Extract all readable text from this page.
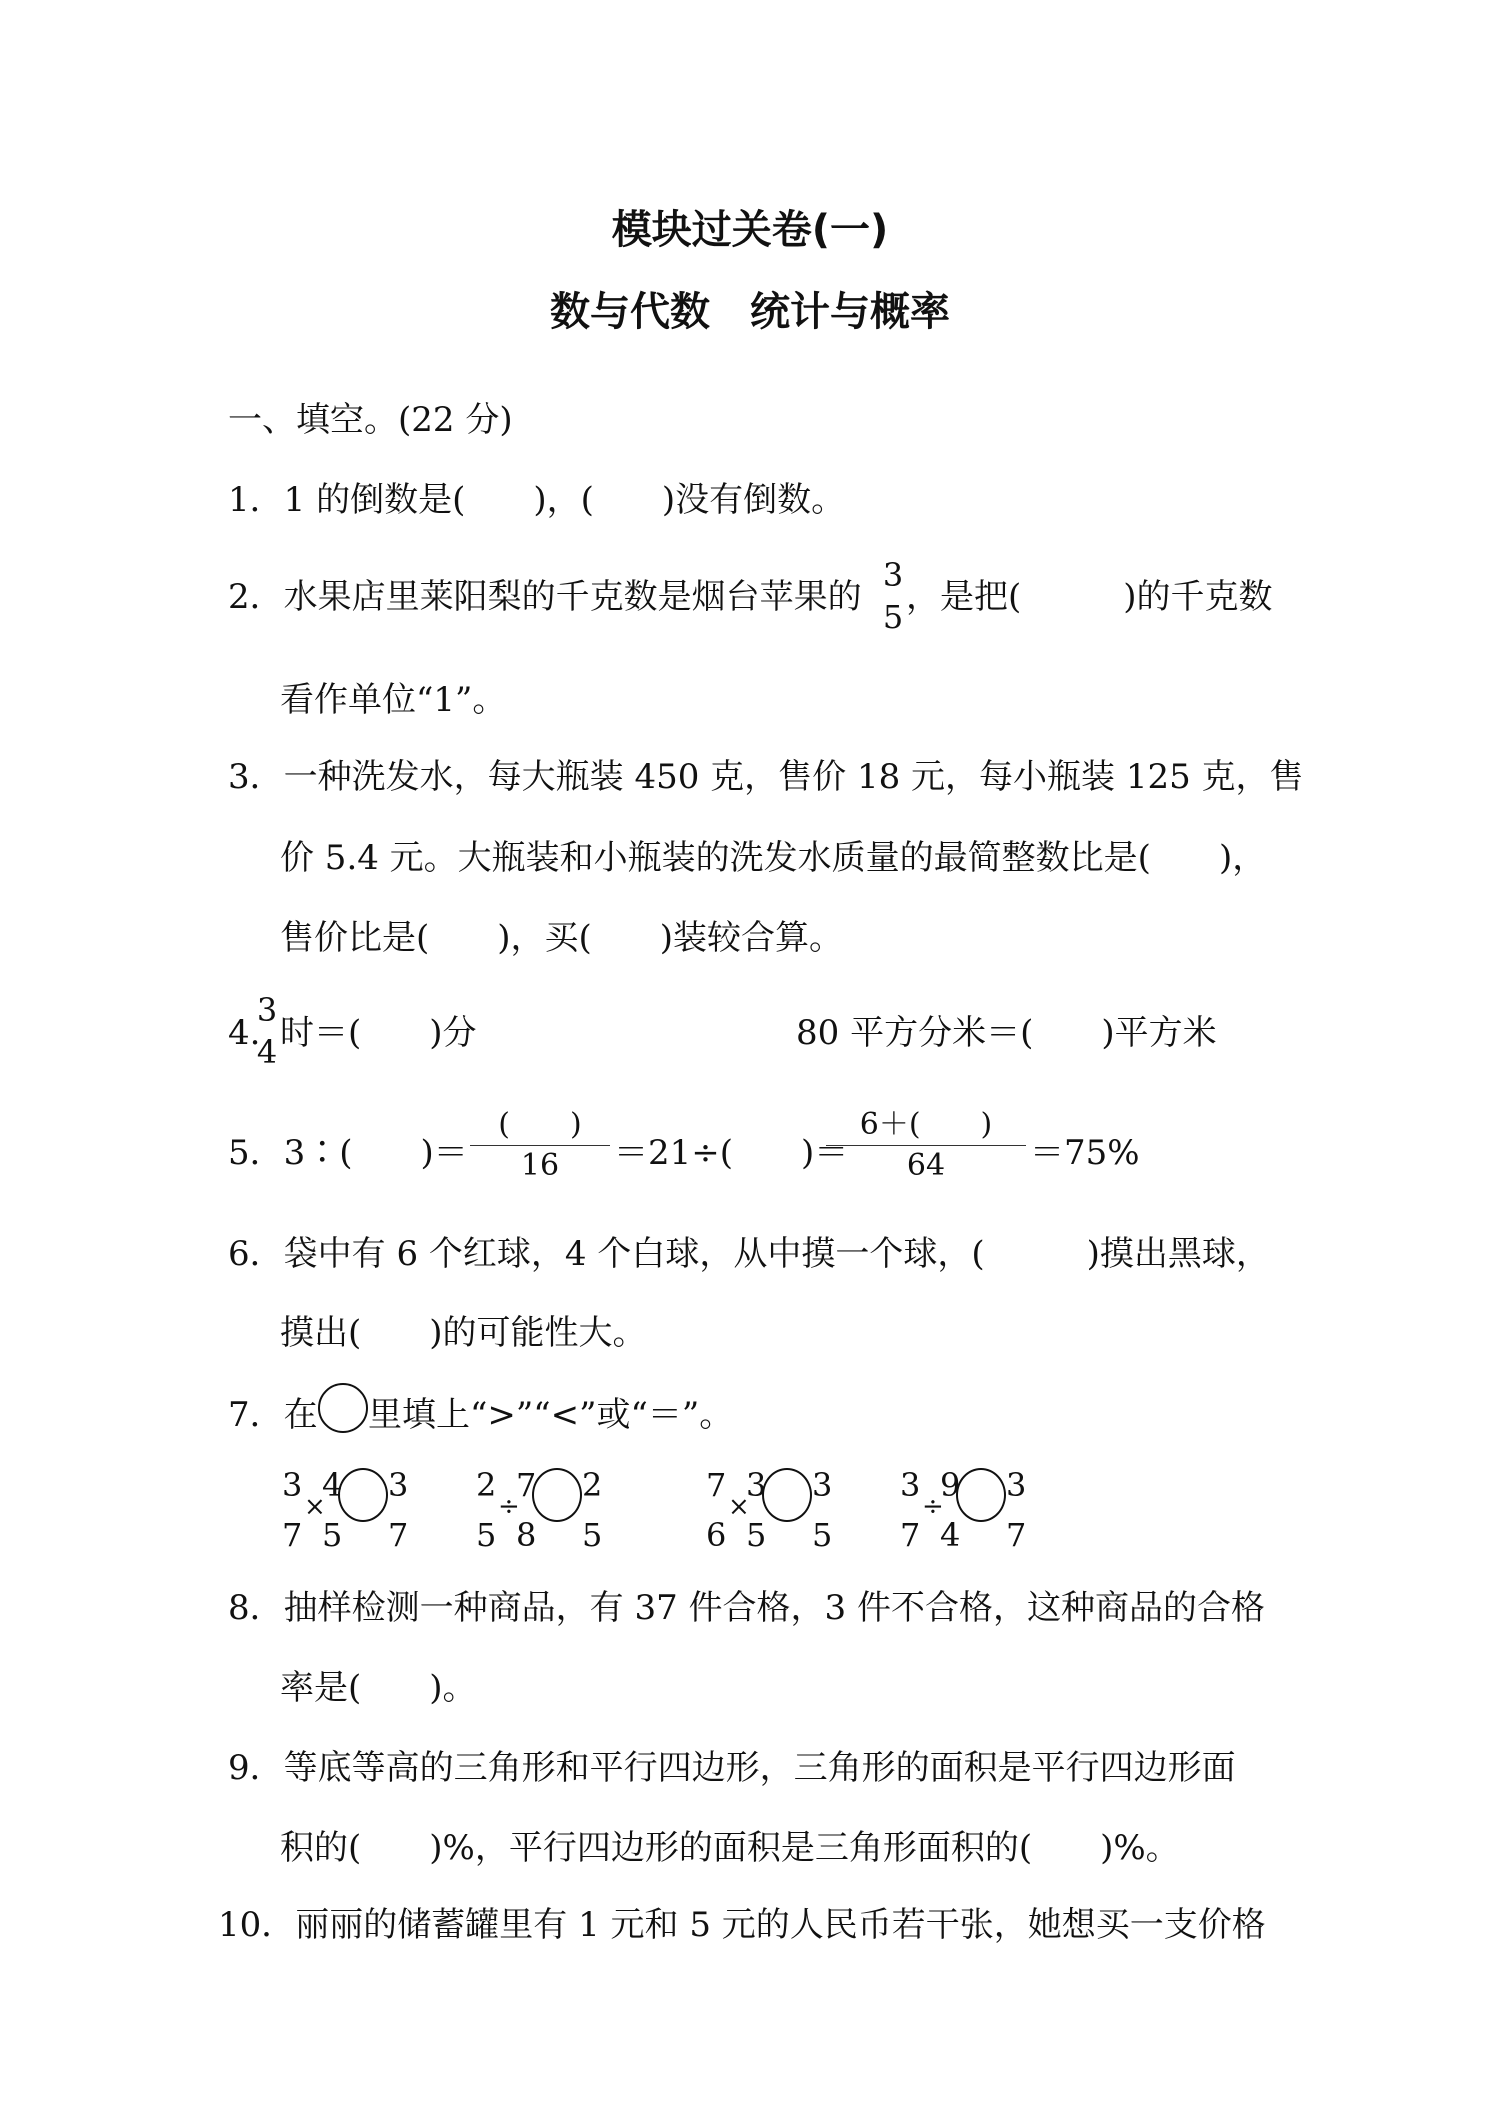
模块过关卷(一)
数与代数　统计与概率
一、填空。(22 分)
1．1 的倒数是(　　)，(　　)没有倒数。
2．水果店里莱阳梨的千克数是烟台苹果的
3
5 ，是把(　　　)的千克数
看作单位“1”。
3．一种洗发水，每大瓶装 450 克，售价 18 元，每小瓶装 125 克，售
价 5.4 元。大瓶装和小瓶装的洗发水质量的最简整数比是(　　)，
售价比是(　　)，买(　　)装较合算。
4.
3
4 时＝(　　)分	80 平方分米＝(　　)平方米
5．3∶(　　)＝
(　　)
16	＝21÷(　　)＝
6＋(　　)
64	＝75%
6．袋中有 6 个红球，4 个白球，从中摸一个球，(　　　)摸出黑球，
摸出(　　)的可能性大。
7．在 里填上“>”“<”或“＝”。
3
7
×
4
5
3
7
2
5
÷
7
8
2
5
7
6
×
3
5
3
5
3
7
÷
9
4
3
7
8．抽样检测一种商品，有 37 件合格，3 件不合格，这种商品的合格
率是(　　)。
9．等底等高的三角形和平行四边形，三角形的面积是平行四边形面
积的(　　)%，平行四边形的面积是三角形面积的(　　)%。
10．丽丽的储蓄罐里有 1 元和 5 元的人民币若干张，她想买一支价格
